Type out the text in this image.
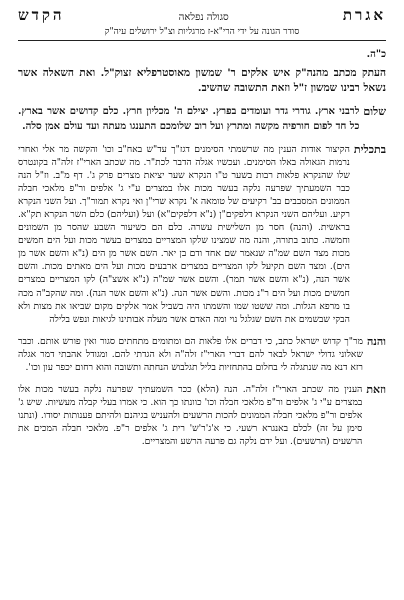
אגרת
סגולה נפלאה
הקדש
סודר הגונה על ידי הרי"א-ז מרגליות וצ"ל ירושלים עיה"ק
כ"ה.
העתק מכתב מהנה"ק איש אלקים ר' שמשון מאוסטרפליא זצוק"ל. ואת השאלה אשר נשאל רבינו שמשון ז"ל וזאת התשובה שהשיב.
שלום
לרבני ארץ. גודרי גדר ועומדים בפרץ. יצילם ה' מכליון חרץ. כלם קדושים אשר בארץ. כל חד לפום חורפיה מקשה ומתרץ ועל רוב שלומכם התענגו מעתה ועד עולם אמן סלה.
בתכלית
הקיצור אודות הענין מה שרשמתי הסימנים דגז"ך עד"ש באח"ב וכו' והקשה מר אלי ואחרי נרמות הגאולה באלו הסימנים. ועכשיו אגלה הדבר לכת"ר. מה שכתב הארי"ז זלה"ה בקונטרס שלו שהנקרא פלאות רבות בשער ט"ו הנקרא שער יציאת מצרים פרק ג'. דף מ"ב. וז"ל הנה כבר השמעתיך שפרעה נלקה בעשר מכות אלו במצרים ע"י ג' אלפים ור"פ מלאכי חבלה הממונים המסבבים בב' רקיעים של טומאה א' נקרא שרי"ן ואי נקרא תמור"ך. ועל השני הנקרא רקיע. ועליהם השני הנקרא דלפקים"ן (נ"א דלפקים"א) ועל (ועליהם) כלם השר הנקרא תק"א. בראשית. (והנה) חסר מן השלישית עשרה. כלם הם כשיעור השבע שהסר מן השמונים וחמשה. כתוב בתורה, והנה מה שמצינו שלקו המצריים במצרים בעשר מכות ועל הים חמשים מכות מצד השם שמ"ה שנאמר שם אחד ודם בן יאר. השם אשר מן הים (נ"א והשם אשר מן הים). ומצד השם תקיעל לקו המצריים במצרים ארבעים מכות ועל הים מאתים מכות. והשם אשר הנה, (נ"א והשם אשר תמר). והשם אשר שמ"ה (נ"א אשצ"ה) לקו המצריים במצרים חמשים מכות ועל הים ר"נ מכות. והשם אשר הנה. (נ"א והשם אשר הנה). ומה שהקב"ה מכה בו מרפא הגלות. ומה ששטו שמו והשמתו היה בשביל אמר אלקים מקום שביאו את מצות ולא הבקי שבשמים את השם שגלגל נוי ומה האדם אשר מעלה אבותינו לגיאות ונפש בלילה
והנה
מר"ך קדוש ישראל כתב, כי דברים אלו פלאות הם ומתומים מתחתים סגור ואין פורש אותם. וכבר שאלוני גדולי ישראל לבאר להם דברי הארי"ז זלה"ה ולא הגדתי להם. ומגודל אהבתי דמר אגלה רזא דנא מה שנתגלה לי בחלום בהתחזיות בליל תגלבוש הנחתה ותשובה והוא רחום יכפר עון וכו'.
וזאת
הענין מה שכתב הארי"ז זלה"ה. הנה (הלא) ככר השמעתיך שפרעה נלקה בעשר מכות אלו במצרים ע"י ג' אלפים ור"פ מלאכי חבלה וכו' כוונתו כך הוא. כי אמרו בעלי קבלה מעשיות. שיש ג' אלפים ור"פ מלאכי חבלה הממונים להכות הרשעים ולהעניש בגיהנם ולהיתם פענותות יסודו. (ונתנו סימן על זה) לכלם באנגרא רשעי. כי א'ג'ר'ש' רית ג' אלפים ר"פ. מלאכי חבלה המכים את הרשעים (הרשעים). ועל ידם נלקה גם פרעה הרשע והמצריים.
